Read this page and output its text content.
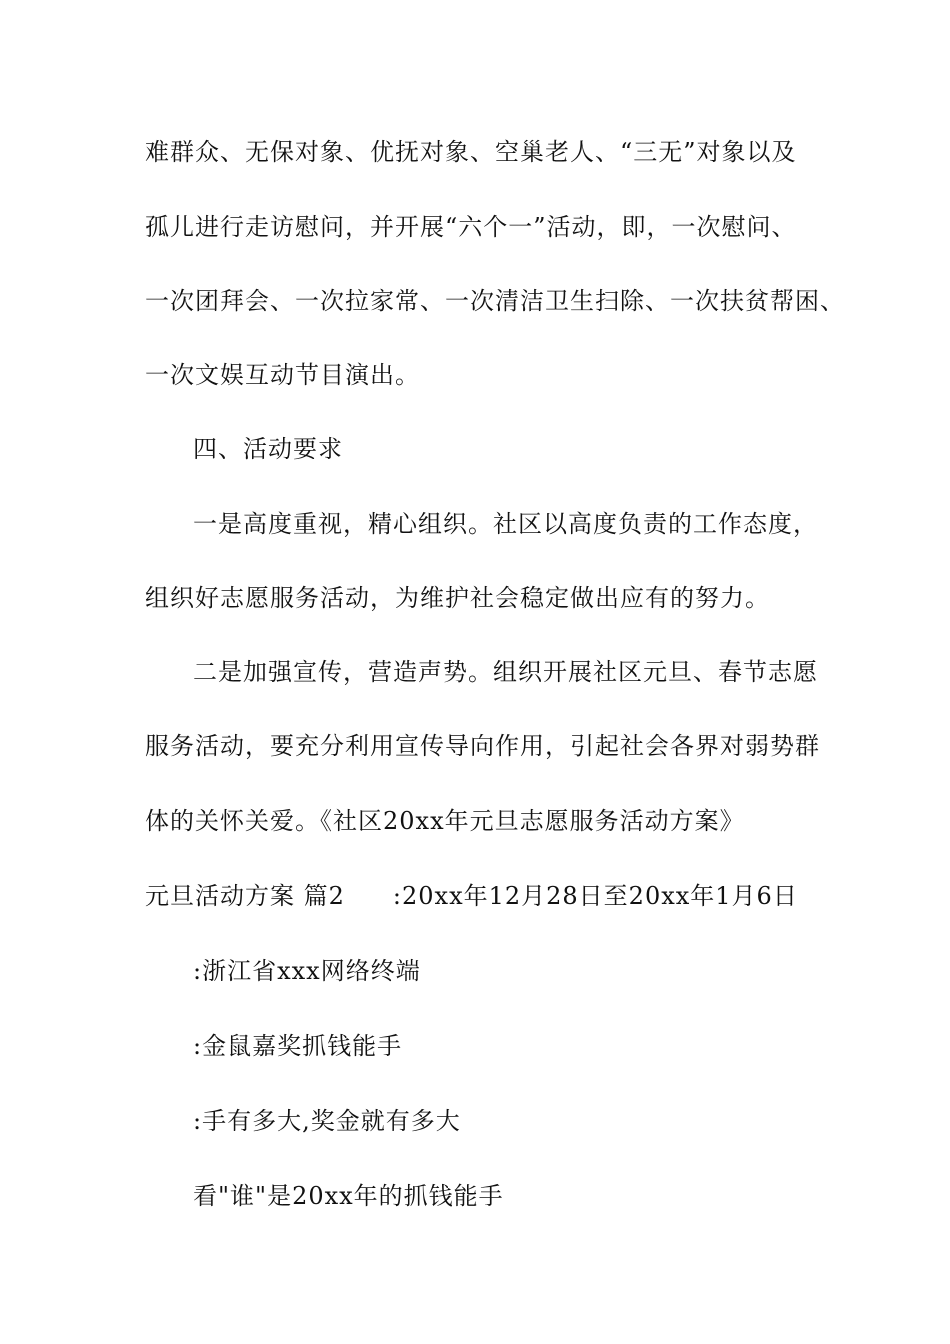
难群众、无保对象、优抚对象、空巢老人、“三无”对象以及
孤儿进行走访慰问，并开展“六个一”活动，即，一次慰问、
一次团拜会、一次拉家常、一次清洁卫生扫除、一次扶贫帮困、
一次文娱互动节目演出。
四、活动要求
一是高度重视，精心组织。社区以高度负责的工作态度，
组织好志愿服务活动，为维护社会稳定做出应有的努力。
二是加强宣传，营造声势。组织开展社区元旦、春节志愿
服务活动，要充分利用宣传导向作用，引起社会各界对弱势群
体的关怀关爱。《社区20xx年元旦志愿服务活动方案》
元旦活动方案 篇2 :20xx年12月28日至20xx年1月6日
:浙江省xxx网络终端
:金鼠嘉奖抓钱能手
:手有多大,奖金就有多大
看"谁"是20xx年的抓钱能手
